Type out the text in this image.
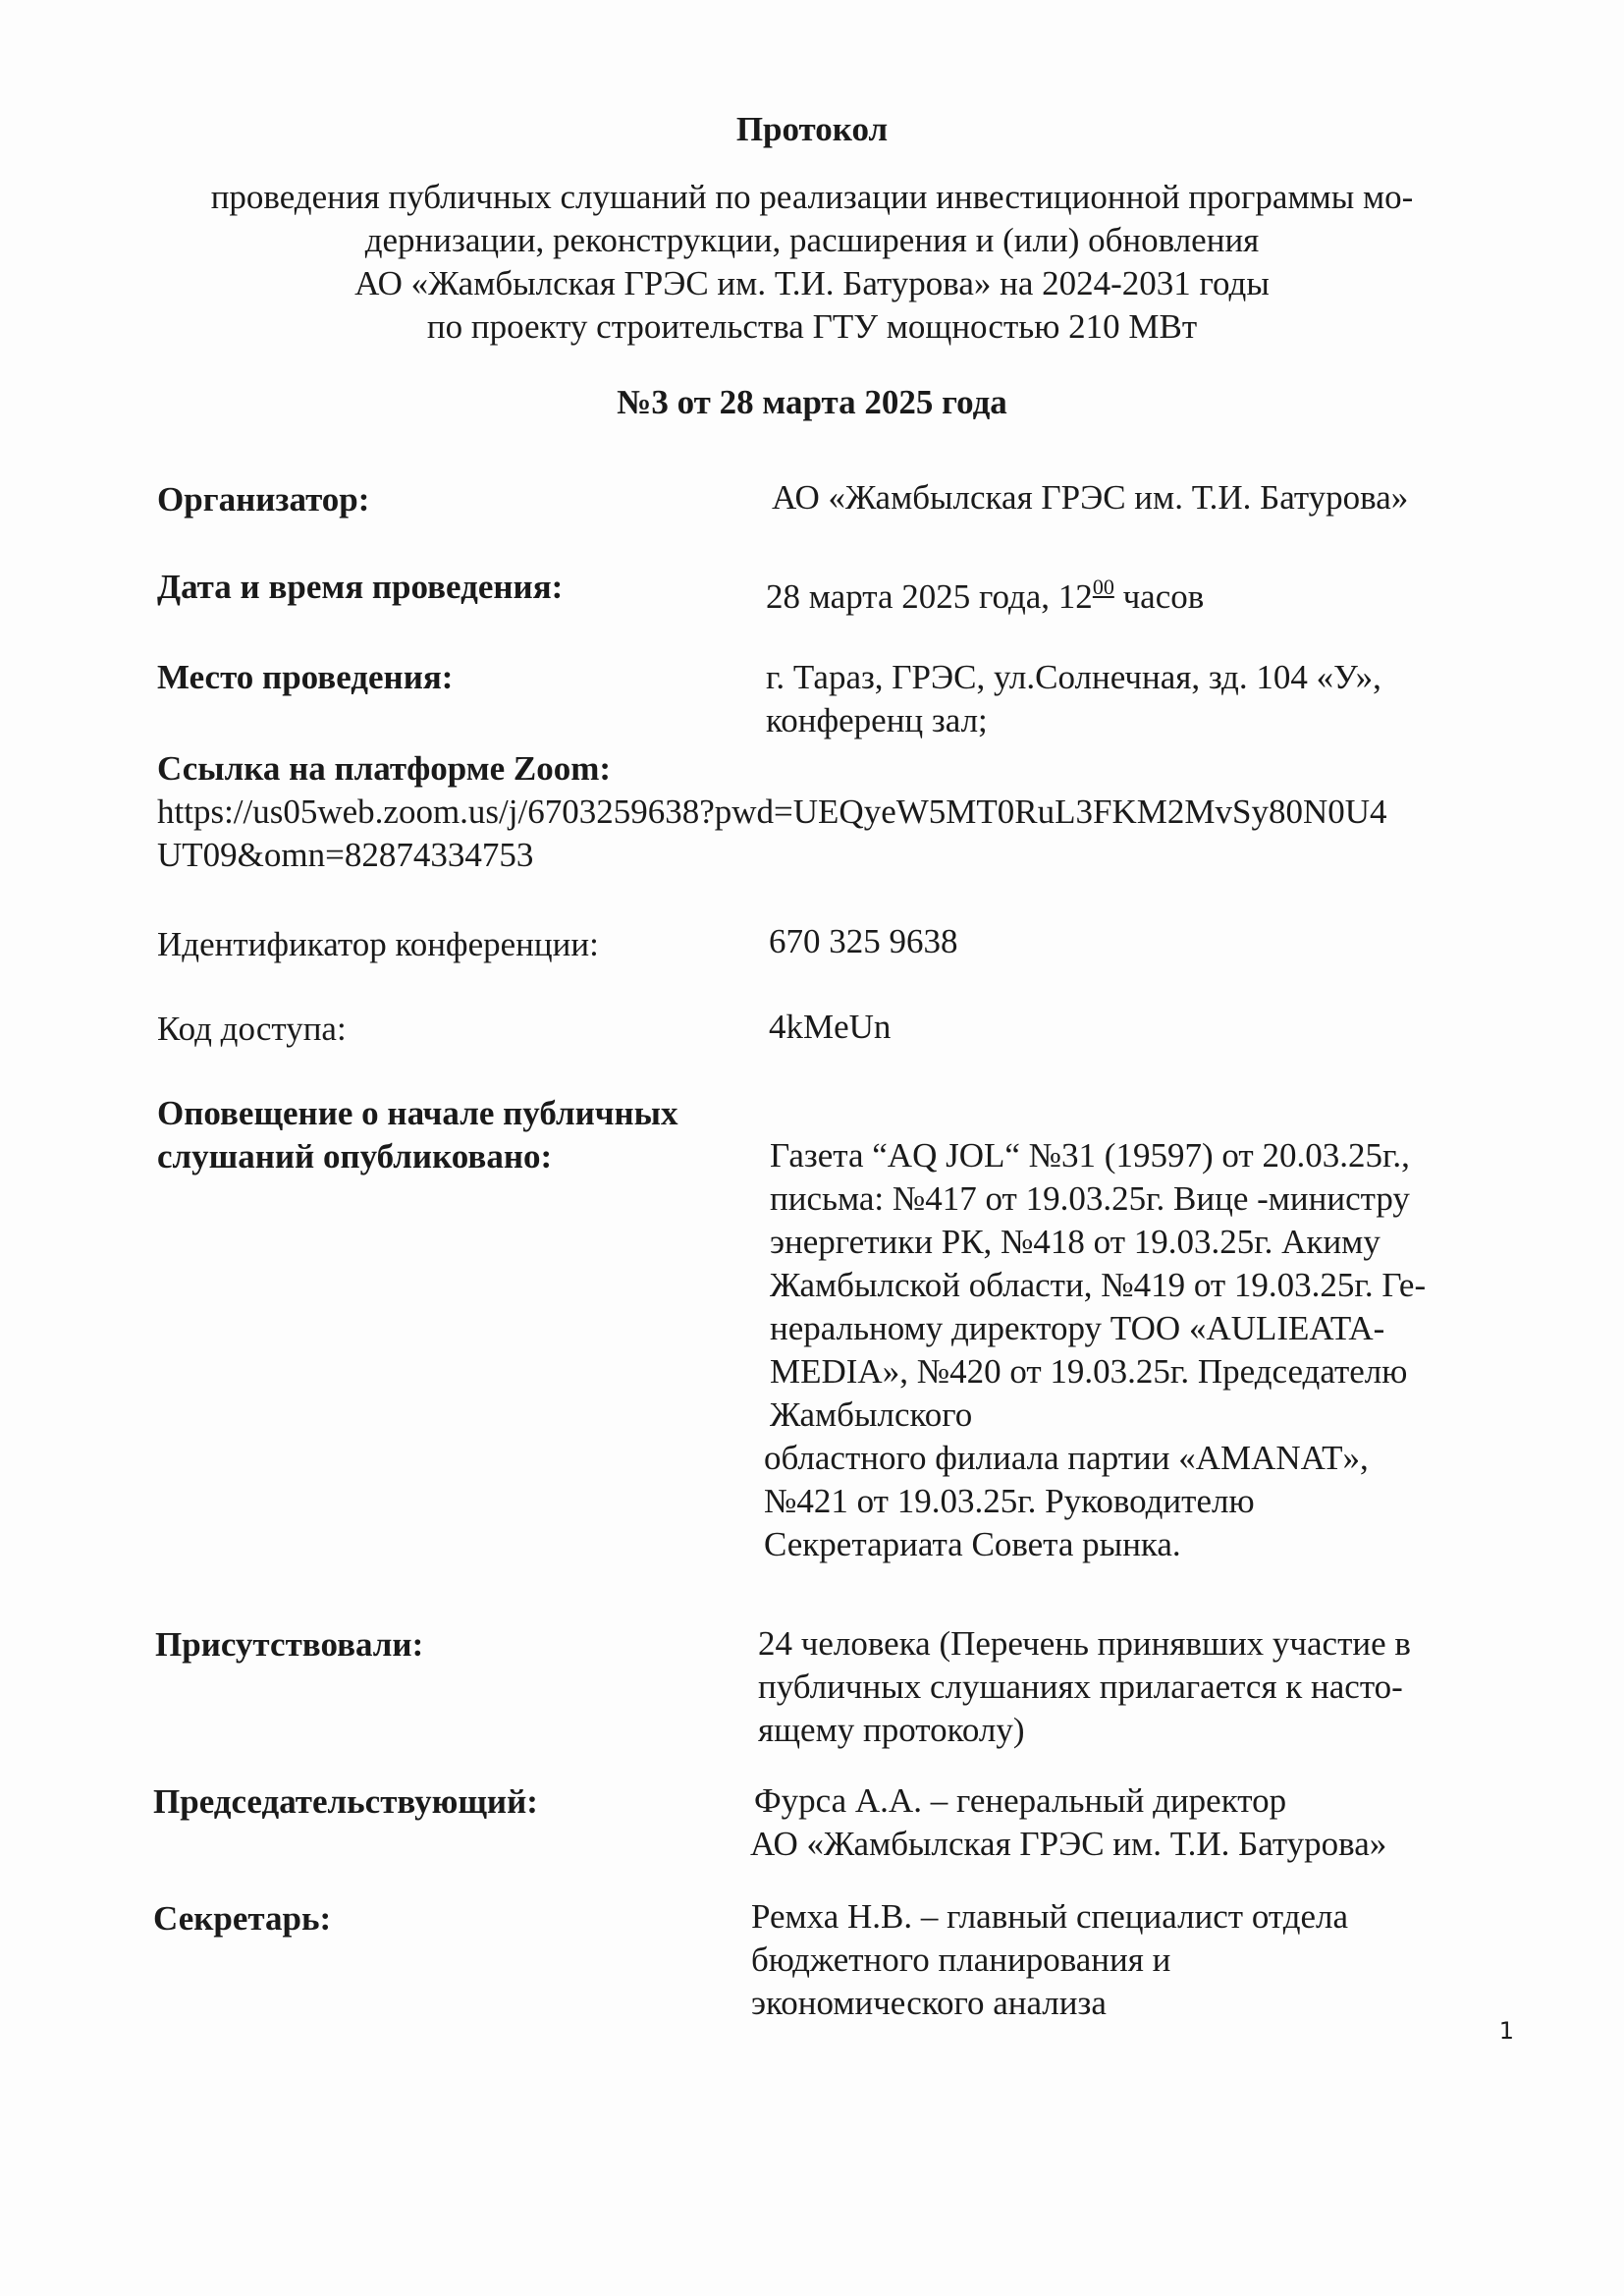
Протокол
проведения публичных слушаний по реализации инвестиционной программы мо-
дернизации, реконструкции, расширения и (или) обновления
АО «Жамбылская ГРЭС им. Т.И. Батурова» на 2024-2031 годы
по проекту строительства ГТУ мощностью 210 МВт
№3 от 28 марта 2025 года
Организатор:	АО «Жамбылская ГРЭС им. Т.И. Батурова»
Дата и время проведения:	28 марта 2025 года, $12^{00}$ часов
Место проведения:	г. Тараз, ГРЭС, ул.Солнечная, зд. 104 «У»,
конференц зал;
Ссылка на платформе Zoom:
https://us05web.zoom.us/j/6703259638?pwd=UEQyeW5MT0RuL3FKM2MvSy80N0U4
UT09&omn=82874334753
Идентификатор конференции:	670 325 9638
Код доступа:	4kMeUn
Оповещение о начале публичных
слушаний опубликовано:	Газета “AQ JOL“ №31 (19597) от 20.03.25г.,
письма: №417 от 19.03.25г. Вице -министру
энергетики РК, №418 от 19.03.25г. Акиму
Жамбылской области, №419 от 19.03.25г. Ге-
неральному директору ТОО «AULIEATA-
MEDIA», №420 от 19.03.25г. Председателю
Жамбылского
областного филиала партии «AMANAT»,
№421 от 19.03.25г. Руководителю
Секретариата Совета рынка.
Присутствовали:	24 человека (Перечень принявших участие в
публичных слушаниях прилагается к насто-
ящему протоколу)
Председательствующий:	Фурса А.А. – генеральный директор
АО «Жамбылская ГРЭС им. Т.И. Батурова»
Секретарь:	Ремха Н.В. – главный специалист отдела
бюджетного планирования и
экономического анализа
1
